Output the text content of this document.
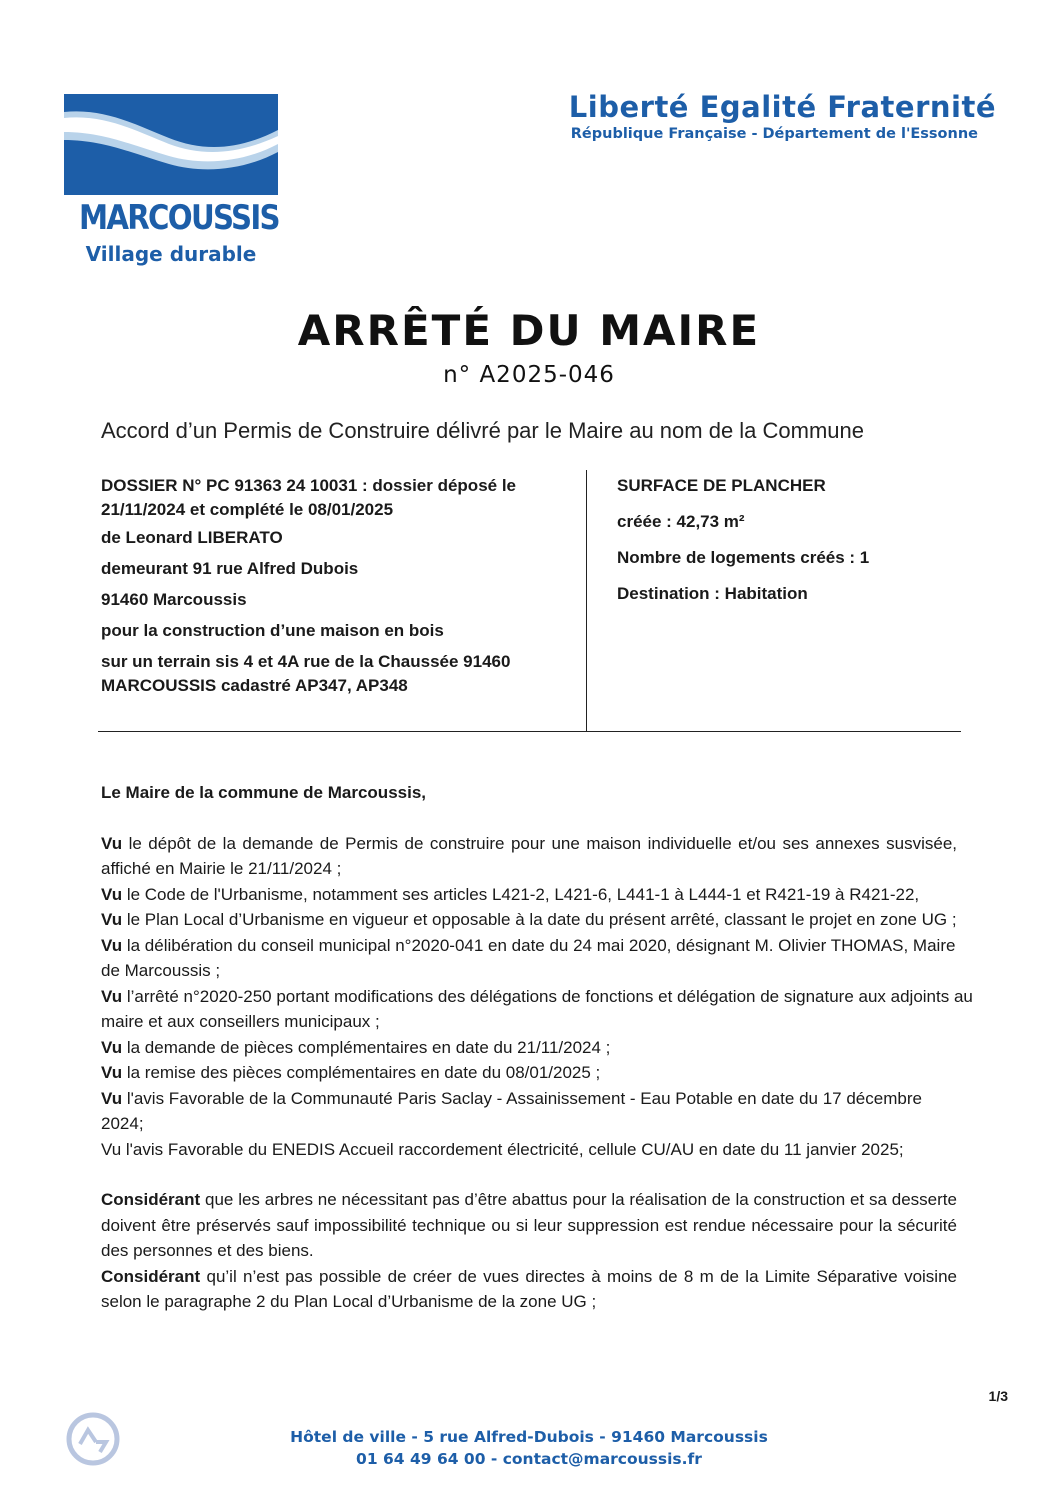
MARCOUSSIS
Village durable
Liberté Egalité Fraternité
République Française - Département de l'Essonne
ARRÊTÉ DU MAIRE
n° A2025-046
Accord d’un Permis de Construire délivré par le Maire au nom de la Commune

DOSSIER N° PC 91363 24 10031 : dossier déposé le 21/11/2024 et complété le 08/01/2025

de Leonard LIBERATO

demeurant 91 rue Alfred Dubois

91460 Marcoussis

pour la construction d’une maison en bois

sur un terrain sis 4 et 4A rue de la Chaussée 91460 MARCOUSSIS cadastré AP347, AP348

SURFACE DE PLANCHER

créée : 42,73 m²

Nombre de logements créés : 1

Destination : Habitation

Le Maire de la commune de Marcoussis,

Vu le dépôt de la demande de Permis de construire pour une maison individuelle et/ou ses annexes susvisée, affiché en Mairie le 21/11/2024 ;

Vu le Code de l'Urbanisme, notamment ses articles L421-2, L421-6, L441-1 à L444-1 et R421-19 à R421-22,

Vu le Plan Local d’Urbanisme en vigueur et opposable à la date du présent arrêté, classant le projet en zone UG ;

Vu la délibération du conseil municipal n°2020-041 en date du 24 mai 2020, désignant M. Olivier THOMAS, Maire de Marcoussis ;

Vu l’arrêté n°2020-250 portant modifications des délégations de fonctions et délégation de signature aux adjoints au maire et aux conseillers municipaux ;

Vu la demande de pièces complémentaires en date du 21/11/2024 ;

Vu la remise des pièces complémentaires en date du 08/01/2025 ;

Vu l'avis Favorable de la Communauté Paris Saclay - Assainissement - Eau Potable en date du 17 décembre 2024;

Vu l'avis Favorable du ENEDIS Accueil raccordement électricité, cellule CU/AU en date du 11 janvier 2025;

Considérant que les arbres ne nécessitant pas d’être abattus pour la réalisation de la construction et sa desserte doivent être préservés sauf impossibilité technique ou si leur suppression est rendue nécessaire pour la sécurité des personnes et des biens.

Considérant qu’il n’est pas possible de créer de vues directes à moins de 8 m de la Limite Séparative voisine selon le paragraphe 2 du Plan Local d’Urbanisme de la zone UG ;

1/3
Hôtel de ville - 5 rue Alfred-Dubois - 91460 Marcoussis
01 64 49 64 00 - contact@marcoussis.fr
